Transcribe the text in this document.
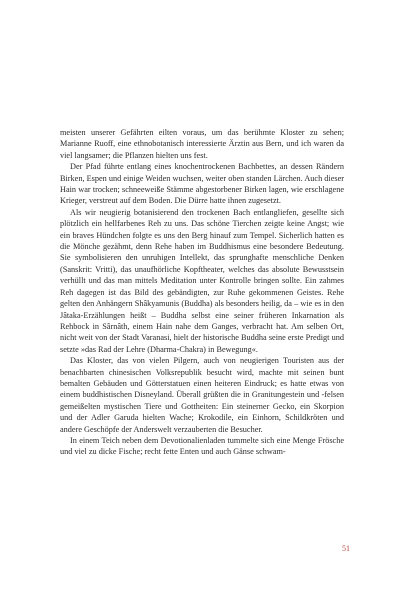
meisten unserer Gefährten eilten voraus, um das berühmte Kloster zu sehen; Marianne Ruoff, eine ethnobotanisch interessierte Ärztin aus Bern, und ich waren da viel langsamer; die Pflanzen hielten uns fest.

Der Pfad führte entlang eines knochentrockenen Bachbettes, an dessen Rändern Birken, Espen und einige Weiden wuchsen, weiter oben standen Lärchen. Auch dieser Hain war trocken; schneeweiße Stämme abgestorbener Birken lagen, wie erschlagene Krieger, verstreut auf dem Boden. Die Dürre hatte ihnen zugesetzt.

Als wir neugierig botanisierend den trockenen Bach entlangliefen, gesellte sich plötzlich ein hellfarbenes Reh zu uns. Das schöne Tierchen zeigte keine Angst; wie ein braves Hündchen folgte es uns den Berg hinauf zum Tempel. Sicherlich hatten es die Mönche gezähmt, denn Rehe haben im Buddhismus eine besondere Bedeutung. Sie symbolisieren den unruhigen Intellekt, das sprunghafte menschliche Denken (Sanskrit: Vritti), das unaufhörliche Kopftheater, welches das absolute Bewusstsein verhüllt und das man mittels Meditation unter Kontrolle bringen sollte. Ein zahmes Reh dagegen ist das Bild des gebändigten, zur Ruhe gekommenen Geistes. Rehe gelten den Anhängern Shâkyamunis (Buddha) als besonders heilig, da – wie es in den Jâtaka-Erzählungen heißt – Buddha selbst eine seiner früheren Inkarnation als Rehbock in Sârnâth, einem Hain nahe dem Ganges, verbracht hat. Am selben Ort, nicht weit von der Stadt Varanasi, hielt der historische Buddha seine erste Predigt und setzte »das Rad der Lehre (Dharma-Chakra) in Bewegung«.

Das Kloster, das von vielen Pilgern, auch von neugierigen Touristen aus der benachbarten chinesischen Volksrepublik besucht wird, machte mit seinen bunt bemalten Gebäuden und Götterstatuen einen heiteren Eindruck; es hatte etwas von einem buddhistischen Disneyland. Überall grüßten die in Granitungestein und -felsen gemeißelten mystischen Tiere und Gottheiten: Ein steinerner Gecko, ein Skorpion und der Adler Garuda hielten Wache; Krokodile, ein Einhorn, Schildkröten und andere Geschöpfe der Anderswelt verzauberten die Besucher.

In einem Teich neben dem Devotionalienladen tummelte sich eine Menge Frösche und viel zu dicke Fische; recht fette Enten und auch Gänse schwam-

51
